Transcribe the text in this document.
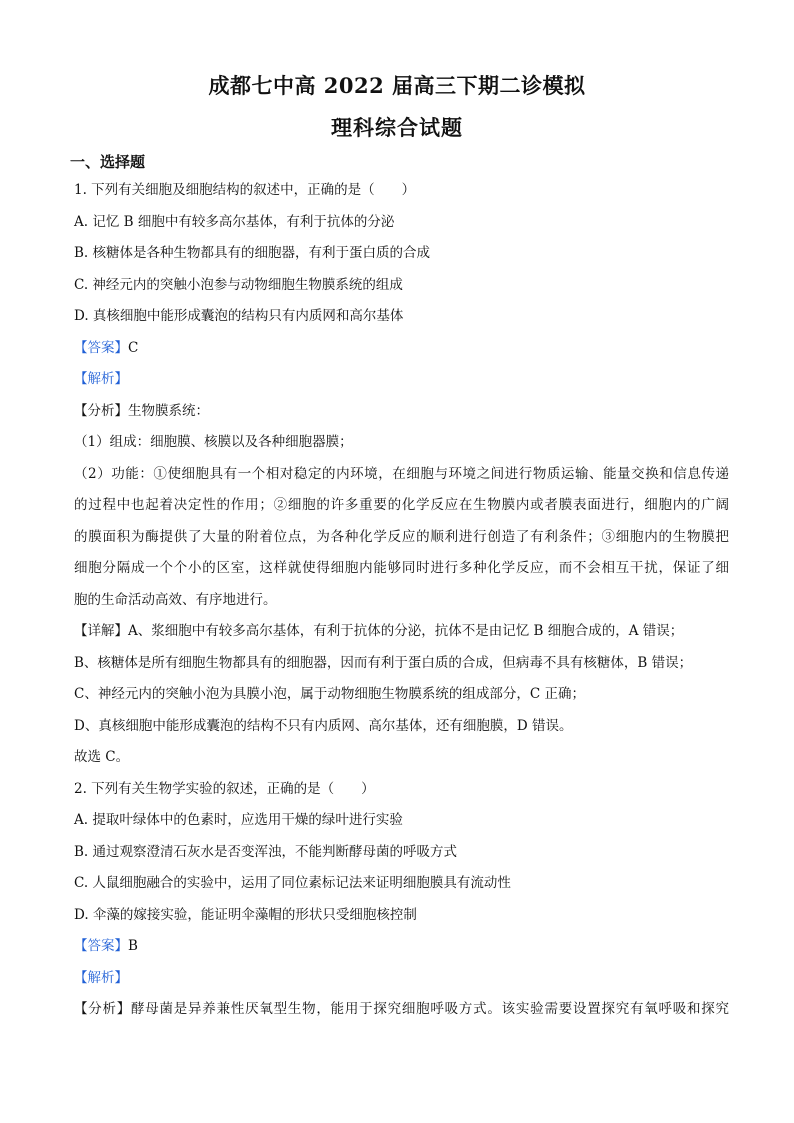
成都七中高 2022 届高三下期二诊模拟
理科综合试题
一、选择题
1. 下列有关细胞及细胞结构的叙述中，正确的是（　　）
A. 记忆 B 细胞中有较多高尔基体，有利于抗体的分泌
B. 核糖体是各种生物都具有的细胞器，有利于蛋白质的合成
C. 神经元内的突触小泡参与动物细胞生物膜系统的组成
D. 真核细胞中能形成囊泡的结构只有内质网和高尔基体
【答案】C
【解析】
【分析】生物膜系统：
（1）组成：细胞膜、核膜以及各种细胞器膜；
（2）功能：①使细胞具有一个相对稳定的内环境，在细胞与环境之间进行物质运输、能量交换和信息传递
的过程中也起着决定性的作用；②细胞的许多重要的化学反应在生物膜内或者膜表面进行，细胞内的广阔
的膜面积为酶提供了大量的附着位点，为各种化学反应的顺利进行创造了有利条件；③细胞内的生物膜把
细胞分隔成一个个小的区室，这样就使得细胞内能够同时进行多种化学反应，而不会相互干扰，保证了细
胞的生命活动高效、有序地进行。
【详解】A、浆细胞中有较多高尔基体，有利于抗体的分泌，抗体不是由记忆 B 细胞合成的，A 错误；
B、核糖体是所有细胞生物都具有的细胞器，因而有利于蛋白质的合成，但病毒不具有核糖体，B 错误；
C、神经元内的突触小泡为具膜小泡，属于动物细胞生物膜系统的组成部分，C 正确；
D、真核细胞中能形成囊泡的结构不只有内质网、高尔基体，还有细胞膜，D 错误。
故选 C。
2. 下列有关生物学实验的叙述，正确的是（　　）
A. 提取叶绿体中的色素时，应选用干燥的绿叶进行实验
B. 通过观察澄清石灰水是否变浑浊，不能判断酵母菌的呼吸方式
C. 人鼠细胞融合的实验中，运用了同位素标记法来证明细胞膜具有流动性
D. 伞藻的嫁接实验，能证明伞藻帽的形状只受细胞核控制
【答案】B
【解析】
【分析】酵母菌是异养兼性厌氧型生物，能用于探究细胞呼吸方式。该实验需要设置探究有氧呼吸和探究
